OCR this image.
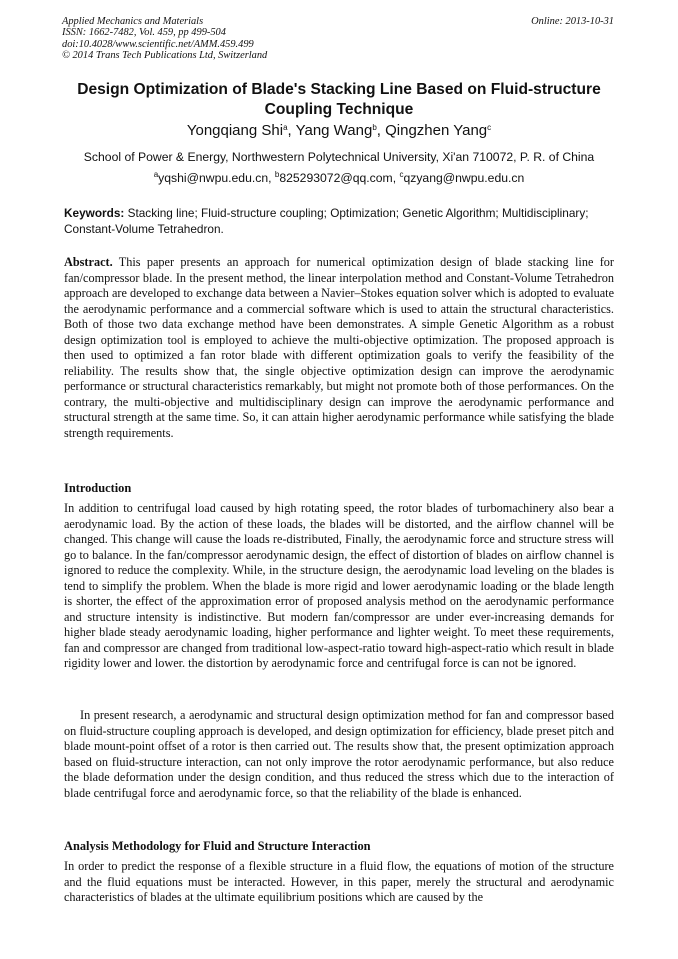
Applied Mechanics and Materials
ISSN: 1662-7482, Vol. 459, pp 499-504
doi:10.4028/www.scientific.net/AMM.459.499
© 2014 Trans Tech Publications Ltd, Switzerland
Online: 2013-10-31
Design Optimization of Blade's Stacking Line Based on Fluid-structure Coupling Technique
Yongqiang Shi$^a$, Yang Wang$^b$, Qingzhen Yang$^c$
School of Power & Energy, Northwestern Polytechnical University, Xi'an 710072, P. R. of China
$^a$yqshi@nwpu.edu.cn, $^b$825293072@qq.com, $^c$qzyang@nwpu.edu.cn
Keywords: Stacking line; Fluid-structure coupling; Optimization; Genetic Algorithm; Multidisciplinary; Constant-Volume Tetrahedron.
Abstract. This paper presents an approach for numerical optimization design of blade stacking line for fan/compressor blade. In the present method, the linear interpolation method and Constant-Volume Tetrahedron approach are developed to exchange data between a Navier–Stokes equation solver which is adopted to evaluate the aerodynamic performance and a commercial software which is used to attain the structural characteristics. Both of those two data exchange method have been demonstrates. A simple Genetic Algorithm as a robust design optimization tool is employed to achieve the multi-objective optimization. The proposed approach is then used to optimized a fan rotor blade with different optimization goals to verify the feasibility of the reliability. The results show that, the single objective optimization design can improve the aerodynamic performance or structural characteristics remarkably, but might not promote both of those performances. On the contrary, the multi-objective and multidisciplinary design can improve the aerodynamic performance and structural strength at the same time. So, it can attain higher aerodynamic performance while satisfying the blade strength requirements.
Introduction
In addition to centrifugal load caused by high rotating speed, the rotor blades of turbomachinery also bear a aerodynamic load. By the action of these loads, the blades will be distorted, and the airflow channel will be changed. This change will cause the loads re-distributed, Finally, the aerodynamic force and structure stress will go to balance. In the fan/compressor aerodynamic design, the effect of distortion of blades on airflow channel is ignored to reduce the complexity. While, in the structure design, the aerodynamic load leveling on the blades is tend to simplify the problem. When the blade is more rigid and lower aerodynamic loading or the blade length is shorter, the effect of the approximation error of proposed analysis method on the aerodynamic performance and structure intensity is indistinctive. But modern fan/compressor are under ever-increasing demands for higher blade steady aerodynamic loading, higher performance and lighter weight. To meet these requirements, fan and compressor are changed from traditional low-aspect-ratio toward high-aspect-ratio which result in blade rigidity lower and lower. the distortion by aerodynamic force and centrifugal force is can not be ignored.
In present research, a aerodynamic and structural design optimization method for fan and compressor based on fluid-structure coupling approach is developed, and design optimization for efficiency, blade preset pitch and blade mount-point offset of a rotor is then carried out. The results show that, the present optimization approach based on fluid-structure interaction, can not only improve the rotor aerodynamic performance, but also reduce the blade deformation under the design condition, and thus reduced the stress which due to the interaction of blade centrifugal force and aerodynamic force, so that the reliability of the blade is enhanced.
Analysis Methodology for Fluid and Structure Interaction
In order to predict the response of a flexible structure in a fluid flow, the equations of motion of the structure and the fluid equations must be interacted. However, in this paper, merely the structural and aerodynamic characteristics of blades at the ultimate equilibrium positions which are caused by the
